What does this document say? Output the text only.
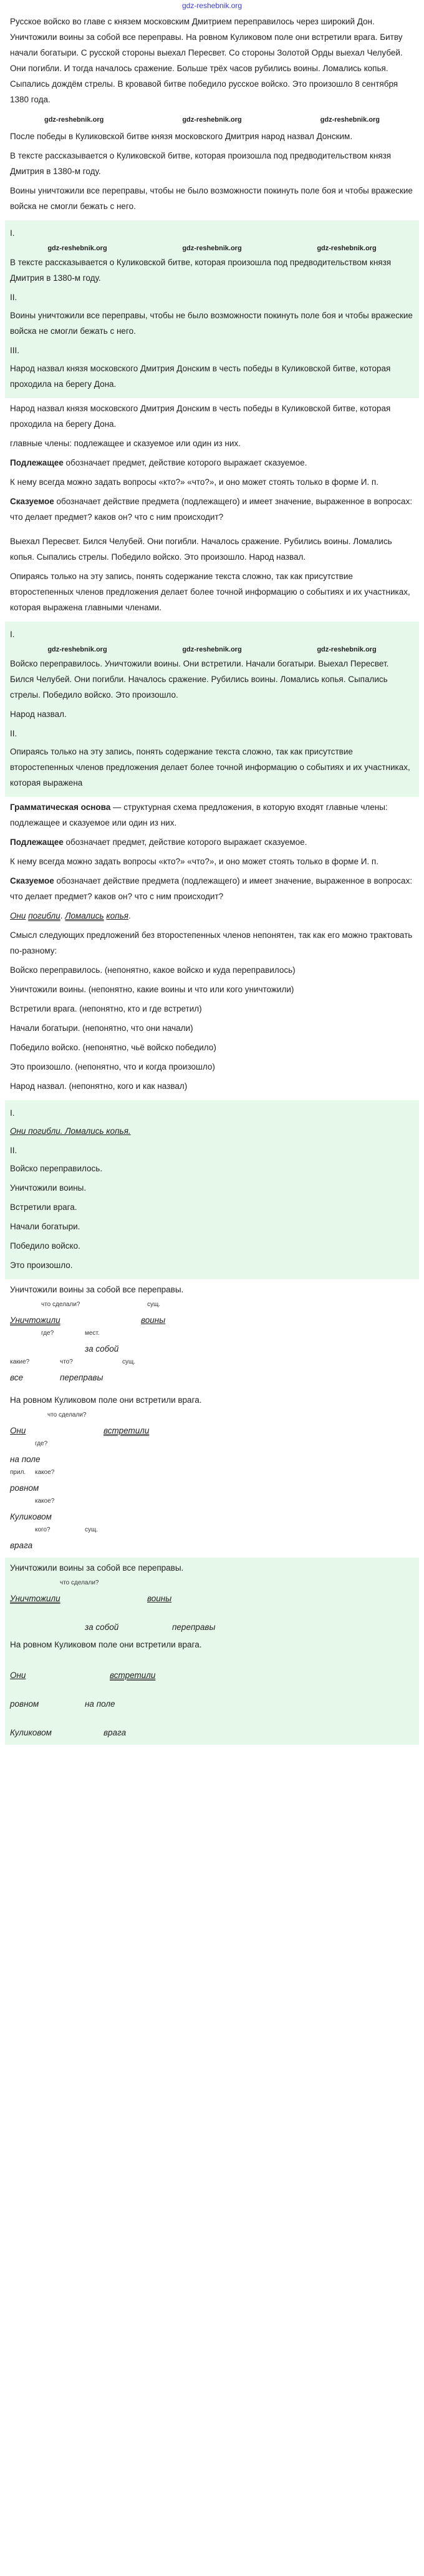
gdz-reshebnik.org

Русское войско во главе с князем московским Дмитрием переправилось через широкий Дон. Уничтожили воины за собой все переправы. На ровном Куликовом поле они встретили врага. Битву начали богатыри. С русской стороны выехал Пересвет. Со стороны Золотой Орды выехал Челубей. Они погибли. И тогда началось сражение. Больше трёх часов рубились воины. Ломались копья. Сыпались дождём стрелы. В кровавой битве победило русское войско. Это произошло 8 сентября 1380 года.

gdz-reshebnik.org	gdz-reshebnik.org	gdz-reshebnik.org

После победы в Куликовской битве князя московского Дмитрия народ назвал Донским.

В тексте рассказывается о Куликовской битве, которая произошла под предводительством князя Дмитрия в 1380-м году.

Воины уничтожили все переправы, чтобы не было возможности покинуть поле боя и чтобы вражеские войска не смогли бежать с него.

I.
gdz-reshebnik.org	gdz-reshebnik.org	gdz-reshebnik.org

В тексте рассказывается о Куликовской битве, которая произошла под предводительством князя Дмитрия в 1380-м году.

II.

Воины уничтожили все переправы, чтобы не было возможности покинуть поле боя и чтобы вражеские войска не смогли бежать с него.

III.

Народ назвал князя московского Дмитрия Донским в честь победы в Куликовской битве, которая проходила на берегу Дона.

Народ назвал князя московского Дмитрия Донским в честь победы в Куликовской битве, которая проходила на берегу Дона.

главные члены: подлежащее и сказуемое или один из них.

Подлежащее обозначает предмет, действие которого выражает сказуемое.

К нему всегда можно задать вопросы «кто?» «что?», и оно может стоять только в форме И. п.

Сказуемое обозначает действие предмета (подлежащего) и имеет значение, выраженное в вопросах: что делает предмет? каков он? что с ним происходит?

Выехал Пересвет. Бился Челубей. Они погибли. Началось сражение. Рубились воины. Ломались копья. Сыпались стрелы. Победило войско. Это произошло. Народ назвал.

Опираясь только на эту запись, понять содержание текста сложно, так как присутствие второстепенных членов предложения делает более точной информацию о событиях и их участниках, которая выражена главными членами.

I.
gdz-reshebnik.org	gdz-reshebnik.org	gdz-reshebnik.org

Войско переправилось. Уничтожили воины. Они встретили. Начали богатыри. Выехал Пересвет. Бился Челубей. Они погибли. Началось сражение. Рубились воины. Ломались копья. Сыпались стрелы. Победило войско. Это произошло.

Народ назвал.

II.

Опираясь только на эту запись, понять содержание текста сложно, так как присутствие второстепенных членов предложения делает более точной информацию о событиях и их участниках, которая выражена

Грамматическая основа — структурная схема предложения, в которую входят главные члены: подлежащее и сказуемое или один из них.

Подлежащее обозначает предмет, действие которого выражает сказуемое.

К нему всегда можно задать вопросы «кто?» «что?», и оно может стоять только в форме И. п.

Сказуемое обозначает действие предмета (подлежащего) и имеет значение, выраженное в вопросах: что делает предмет? каков он? что с ним происходит?

Они погибли. Ломались копья.

Смысл следующих предложений без второстепенных членов непонятен, так как его можно трактовать по-разному:

Войско переправилось. (непонятно, какое войско и куда переправилось)

Уничтожили воины. (непонятно, какие воины и что или кого уничтожили)

Встретили врага. (непонятно, кто и где встретил)

Начали богатыри. (непонятно, что они начали)

Победило войско. (непонятно, чьё войско победило)

Это произошло. (непонятно, что и когда произошло)

Народ назвал. (непонятно, кого и как назвал)

I.

Они погибли. Ломались копья.

II.

Войско переправилось.

Уничтожили воины.

Встретили врага.

Начали богатыри.

Победило войско.

Это произошло.

Уничтожили воины за собой все переправы.

что сделали?	сущ.
Уничтожили	воины
где?	мест.
за собой
что?
все	переправы
какие?	сущ.

На ровном Куликовом поле они встретили врага.

Они
что сделали?
встретили
где?
на поле
какое?
ровном
прил.
какое?
Куликовом
кого?
врага
сущ.

Уничтожили воины за собой все переправы.

Уничтожили	воины
что сделали?
за собой	переправы

На ровном Куликовом поле они встретили врага.

Они	встретили
ровном	на поле
Куликовом	врага
